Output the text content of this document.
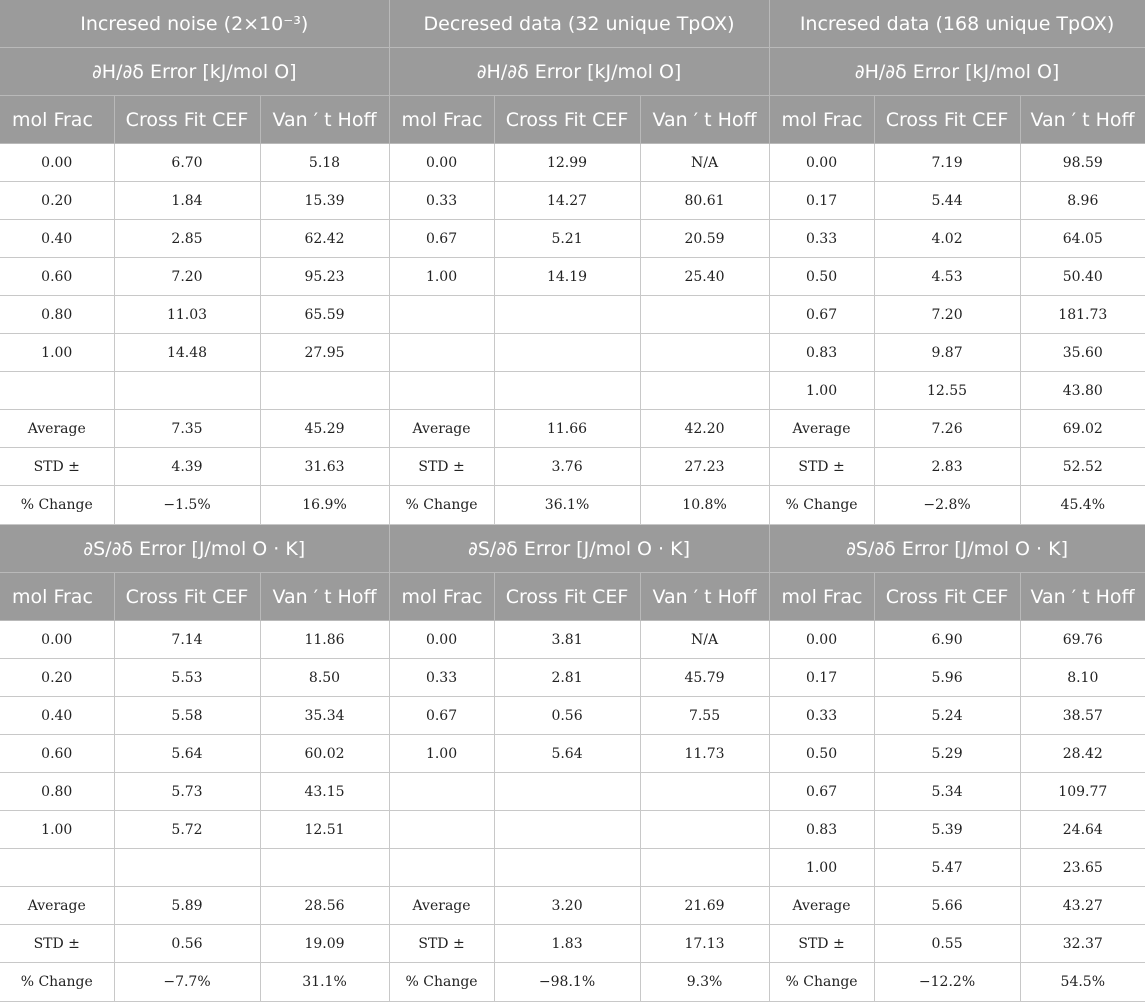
Incresed noise (2×10⁻³)			Decresed data (32 unique TpOX)			Incresed data (168 unique TpOX)		
∂H/∂δ Error [kJ/mol O]			∂H/∂δ Error [kJ/mol O]			∂H/∂δ Error [kJ/mol O]		
mol Frac	Cross Fit CEF	Van ′ t Hoff	mol Frac	Cross Fit CEF	Van ′ t Hoff	mol Frac	Cross Fit CEF	Van ′ t Hoff
0.00	6.70	5.18	0.00	12.99	N/A	0.00	7.19	98.59
0.20	1.84	15.39	0.33	14.27	80.61	0.17	5.44	8.96
0.40	2.85	62.42	0.67	5.21	20.59	0.33	4.02	64.05
0.60	7.20	95.23	1.00	14.19	25.40	0.50	4.53	50.40
0.80	11.03	65.59				0.67	7.20	181.73
1.00	14.48	27.95				0.83	9.87	35.60
						1.00	12.55	43.80
Average	7.35	45.29	Average	11.66	42.20	Average	7.26	69.02
STD ±	4.39	31.63	STD ±	3.76	27.23	STD ±	2.83	52.52
% Change	−1.5%	16.9%	% Change	36.1%	10.8%	% Change	−2.8%	45.4%
∂S/∂δ Error [J/mol O · K]			∂S/∂δ Error [J/mol O · K]			∂S/∂δ Error [J/mol O · K]		
mol Frac	Cross Fit CEF	Van ′ t Hoff	mol Frac	Cross Fit CEF	Van ′ t Hoff	mol Frac	Cross Fit CEF	Van ′ t Hoff
0.00	7.14	11.86	0.00	3.81	N/A	0.00	6.90	69.76
0.20	5.53	8.50	0.33	2.81	45.79	0.17	5.96	8.10
0.40	5.58	35.34	0.67	0.56	7.55	0.33	5.24	38.57
0.60	5.64	60.02	1.00	5.64	11.73	0.50	5.29	28.42
0.80	5.73	43.15				0.67	5.34	109.77
1.00	5.72	12.51				0.83	5.39	24.64
						1.00	5.47	23.65
Average	5.89	28.56	Average	3.20	21.69	Average	5.66	43.27
STD ±	0.56	19.09	STD ±	1.83	17.13	STD ±	0.55	32.37
% Change	−7.7%	31.1%	% Change	−98.1%	9.3%	% Change	−12.2%	54.5%
